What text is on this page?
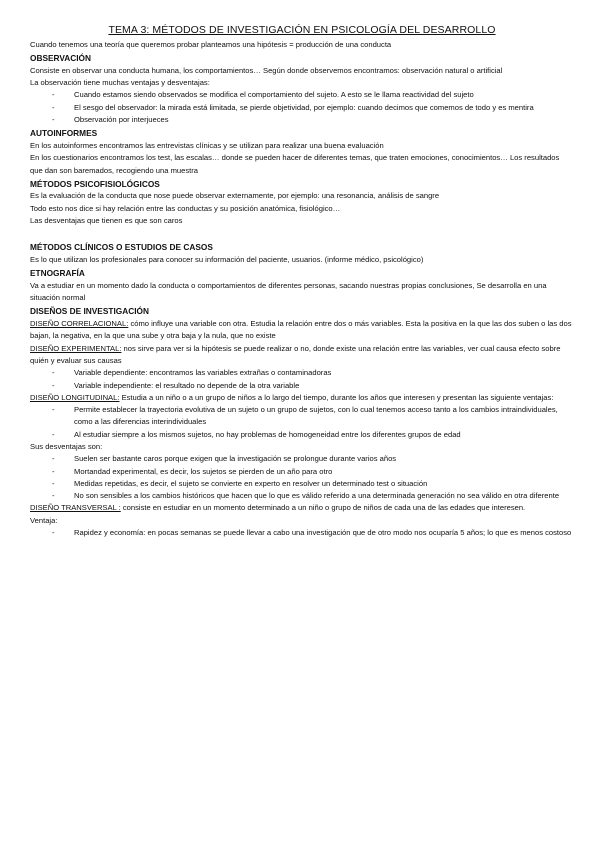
TEMA 3: MÉTODOS DE INVESTIGACIÓN EN PSICOLOGÍA DEL DESARROLLO

Cuando tenemos una teoría que queremos probar planteamos una hipótesis = producción de una conducta

OBSERVACIÓN

Consiste en observar una conducta humana, los comportamientos… Según donde observemos encontramos: observación natural o artificial

La observación tiene muchas ventajas y desventajas:

- Cuando estamos siendo observados se modifica el comportamiento del sujeto. A esto se le llama reactividad del sujeto
- El sesgo del observador: la mirada está limitada, se pierde objetividad, por ejemplo: cuando decimos que comemos de todo y es mentira
- Observación por interjueces
AUTOINFORMES

En los autoinformes encontramos las entrevistas clínicas y se utilizan para realizar una buena evaluación

En los cuestionarios encontramos los test, las escalas… donde se pueden hacer de diferentes temas, que traten emociones, conocimientos… Los resultados que dan son baremados, recogiendo una muestra

MÉTODOS PSICOFISIOLÓGICOS

Es la evaluación de la conducta que nose puede observar externamente, por ejemplo: una resonancia, análisis de sangre

Todo esto nos dice si hay relación entre las conductas y su posición anatómica, fisiológico…

Las desventajas que tienen es que son caros

MÉTODOS CLÍNICOS O ESTUDIOS DE CASOS

Es lo que utilizan los profesionales para conocer su información del paciente, usuarios. (informe médico, psicológico)

ETNOGRAFÍA

Va a estudiar en un momento dado la conducta o comportamientos de diferentes personas, sacando nuestras propias conclusiones, Se desarrolla en una situación normal

DISEÑOS DE INVESTIGACIÓN

DISEÑO CORRELACIONAL: cómo influye una variable con otra. Estudia la relación entre dos o más variables. Esta la positiva en la que las dos suben o las dos bajan, la negativa, en la que una sube y otra baja y la nula, que no existe

DISEÑO EXPERIMENTAL: nos sirve para ver si la hipótesis se puede realizar o no, donde existe una relación entre las variables, ver cual causa efecto sobre quién y evaluar sus causas

- Variable dependiente: encontramos las variables extrañas o contaminadoras
- Variable independiente: el resultado no depende de la otra variable

DISEÑO LONGITUDINAL: Estudia a un niño o a un grupo de niños a lo largo del tiempo, durante los años que interesen y presentan las siguiente ventajas:

- Permite establecer la trayectoria evolutiva de un sujeto o un grupo de sujetos, con lo cual tenemos acceso tanto a los cambios intraindividuales, como a las diferencias interindividuales
- Al estudiar siempre a los mismos sujetos, no hay problemas de homogeneidad entre los diferentes grupos de edad

Sus desventajas son:

- Suelen ser bastante caros porque exigen que la investigación se prolongue durante varios años
- Mortandad experimental, es decir, los sujetos se pierden de un año para otro
- Medidas repetidas, es decir, el sujeto se convierte en experto en resolver un determinado test o situación
- No son sensibles a los cambios históricos que hacen que lo que es válido referido a una determinada generación no sea válido en otra diferente

DISEÑO TRANSVERSAL : consiste en estudiar en un momento determinado a un niño o grupo de niños de cada una de las edades que interesen.

Ventaja:

- Rapidez y economía: en pocas semanas se puede llevar a cabo una investigación que de otro modo nos ocuparía 5 años; lo que es menos costoso
